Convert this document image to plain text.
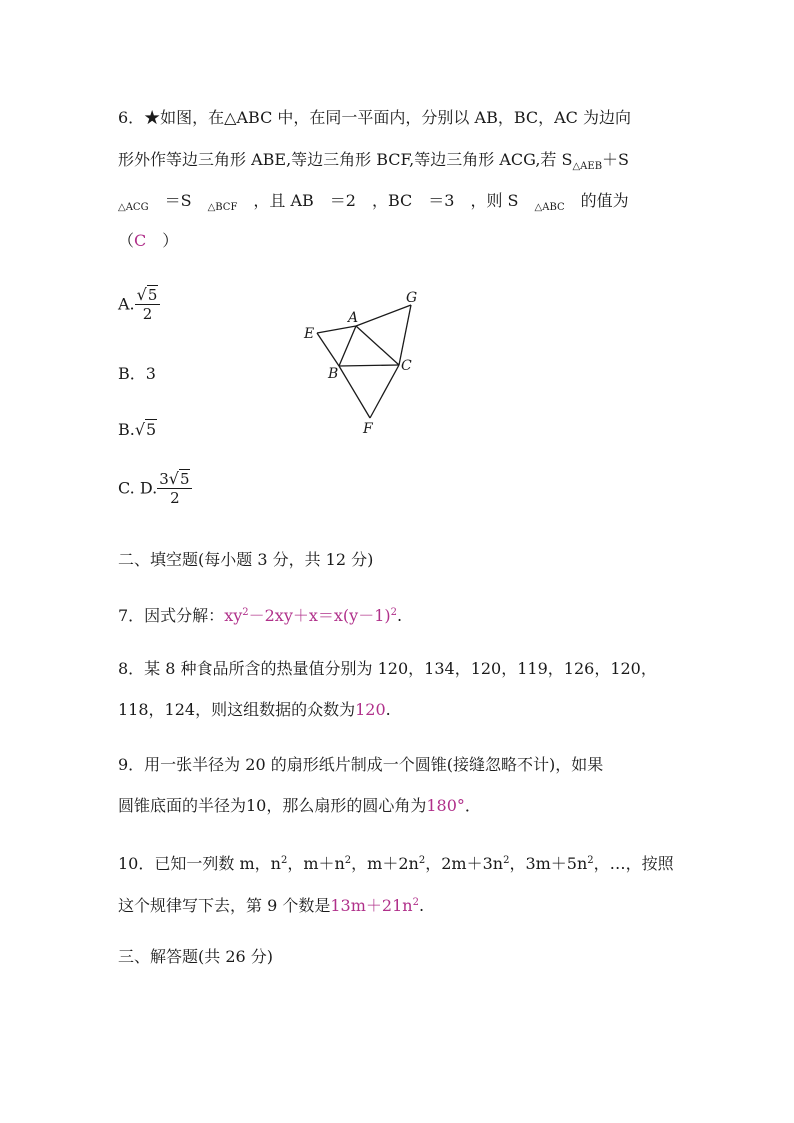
6．★如图，在△ABC 中，在同一平面内，分别以 AB，BC，AC 为边向
形外作等边三角形 ABE,等边三角形 BCF,等边三角形 ACG,若 $S_{\triangle AEB}+S$
$_{\triangle ACG}$　 ＝S　 $_{\triangle BCF}$　 ，且 AB　＝2　，BC　＝3　，则 S　 $_{\triangle ABC}$　 的值为
（C　 ）
A. $\frac{√5}{2}$
B．3
B.√5
C. D. $\frac{3√5}{2}$
E
A
G
B	C
F
二、填空题(每小题 3 分，共 12 分)
7．因式分解：$xy^2-2xy+x=x(y-1)^2$.
8．某 8 种食品所含的热量值分别为 120，134，120，119，126，120，
118，124，则这组数据的众数为120.
9．用一张半径为 20 的扇形纸片制成一个圆锥(接缝忽略不计)，如果
圆锥底面的半径为10，那么扇形的圆心角为180°．
10．已知一列数 m，$n^2$，$m+n^2$，$m+2n^2$，$2m+3n^2$，$3m+5n^2$，…，按照
这个规律写下去，第 9 个数是$13m+21n^2$.
三、解答题(共 26 分)
